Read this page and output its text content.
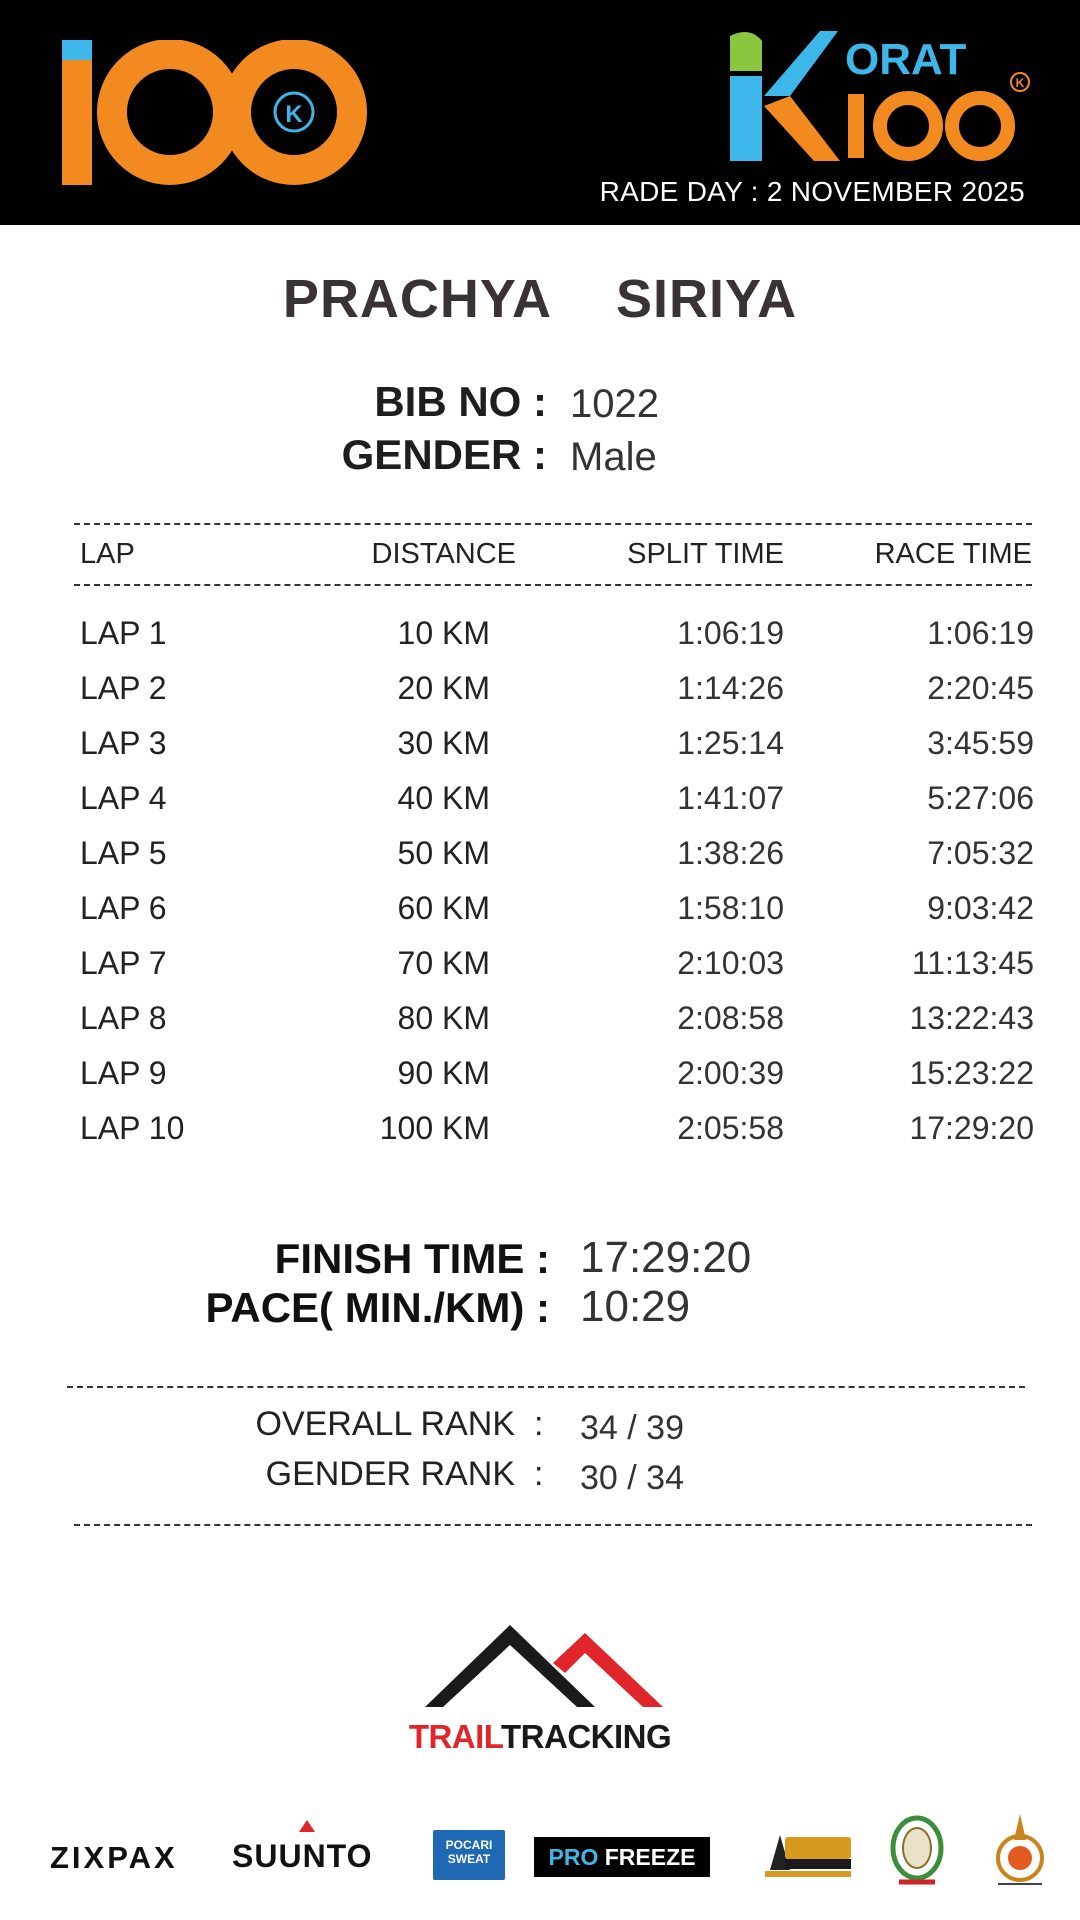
K
ORAT	K
RADE DAY : 2 NOVEMBER 2025
PRACHYA SIRIYA
BIB NO : 1022
GENDER : Male
LAP	DISTANCE	SPLIT TIME	RACE TIME
LAP 1	10 KM	1:06:19	1:06:19
LAP 2	20 KM	1:14:26	2:20:45
LAP 3	30 KM	1:25:14	3:45:59
LAP 4	40 KM	1:41:07	5:27:06
LAP 5	50 KM	1:38:26	7:05:32
LAP 6	60 KM	1:58:10	9:03:42
LAP 7	70 KM	2:10:03	11:13:45
LAP 8	80 KM	2:08:58	13:22:43
LAP 9	90 KM	2:00:39	15:23:22
LAP 10	100 KM	2:05:58	17:29:20
FINISH TIME : 17:29:20
PACE( MIN./KM) : 10:29
OVERALL RANK : 34 / 39
GENDER RANK : 30 / 34
TRAILTRACKING
ZIXPAX SUUNTO	POCARI
SWEAT	PRO FREEZE
